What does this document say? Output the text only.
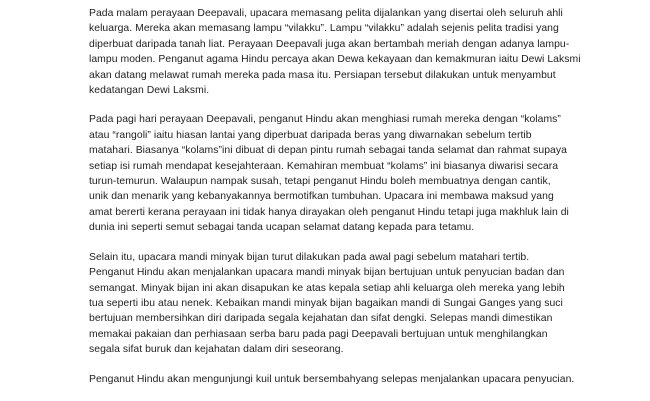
Pada malam perayaan Deepavali, upacara memasang pelita dijalankan yang disertai oleh seluruh ahli
keluarga. Mereka akan memasang lampu “vilakku”. Lampu “vilakku” adalah sejenis pelita tradisi yang
diperbuat daripada tanah liat. Perayaan Deepavali juga akan bertambah meriah dengan adanya lampu-
lampu moden. Penganut agama Hindu percaya akan Dewa kekayaan dan kemakmuran iaitu Dewi Laksmi
akan datang melawat rumah mereka pada masa itu. Persiapan tersebut dilakukan untuk menyambut
kedatangan Dewi Laksmi.

Pada pagi hari perayaan Deepavali, penganut Hindu akan menghiasi rumah mereka dengan “kolams”
atau “rangoli” iaitu hiasan lantai yang diperbuat daripada beras yang diwarnakan sebelum tertib
matahari. Biasanya “kolams”ini dibuat di depan pintu rumah sebagai tanda selamat dan rahmat supaya
setiap isi rumah mendapat kesejahteraan. Kemahiran membuat “kolams” ini biasanya diwarisi secara
turun-temurun. Walaupun nampak susah, tetapi penganut Hindu boleh membuatnya dengan cantik,
unik dan menarik yang kebanyakannya bermotifkan tumbuhan. Upacara ini membawa maksud yang
amat bererti kerana perayaan ini tidak hanya dirayakan oleh penganut Hindu tetapi juga makhluk lain di
dunia ini seperti semut sebagai tanda ucapan selamat datang kepada para tetamu.

Selain itu, upacara mandi minyak bijan turut dilakukan pada awal pagi sebelum matahari tertib.
Penganut Hindu akan menjalankan upacara mandi minyak bijan bertujuan untuk penyucian badan dan
semangat. Minyak bijan ini akan disapukan ke atas kepala setiap ahli keluarga oleh mereka yang lebih
tua seperti ibu atau nenek. Kebaikan mandi minyak bijan bagaikan mandi di Sungai Ganges yang suci
bertujuan membersihkan diri daripada segala kejahatan dan sifat dengki. Selepas mandi dimestikan
memakai pakaian dan perhiasaan serba baru pada pagi Deepavali bertujuan untuk menghilangkan
segala sifat buruk dan kejahatan dalam diri seseorang.

Penganut Hindu akan mengunjungi kuil untuk bersembahyang selepas menjalankan upacara penyucian.
